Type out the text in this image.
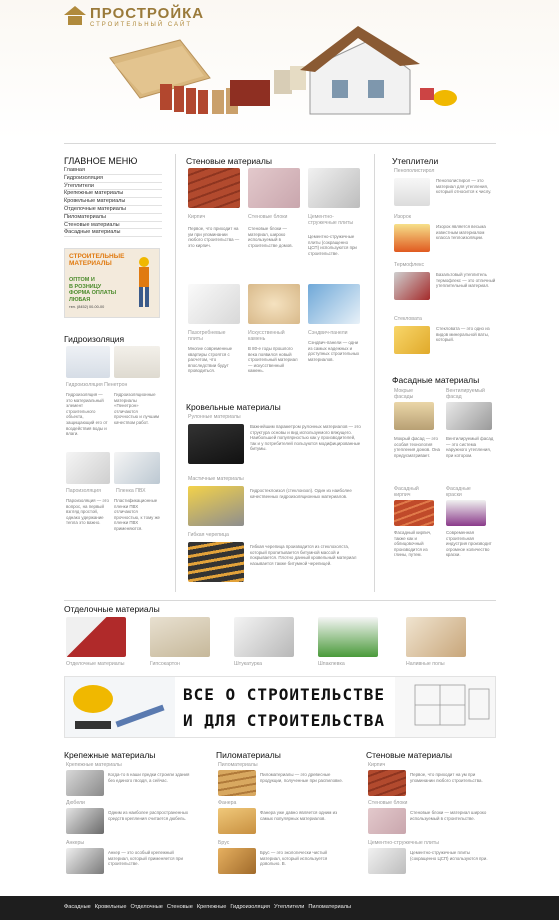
ПРОСТРОЙКА
СТРОИТЕЛЬНЫЙ САЙТ
ГЛАВНОЕ МЕНЮ
Главная
Гидроизоляция
Утеплители
Крепежные материалы
Кровельные материалы
Отделочные материалы
Пиломатериалы
Стеновые материалы
Фасадные материалы
СТРОИТЕЛЬНЫЕ
МАТЕРИАЛЫ
ОПТОМ И
В РОЗНИЦУ
ФОРМА ОПЛАТЫ
ЛЮБАЯ
тел. (8452) 00-00-00
Гидроизоляция
Гидроизоляция Пенетрон
Гидроизоляция — это материальный элемент строительного объекта, защищающий его от воздействия воды и влаги.
Гидроизоляционные материалы «Пенетрон» отличаются прочностью и лучшим качеством работ.
Пароизоляция	Пленка ПВХ
Пароизоляция — это вопрос, на первый взгляд простой, однако удержание тепла это важно.
Пластификационные пленки ПВХ отличаются прочностью, к тому же пленки ПВХ применяются.
Стеновые материалы
Кирпич	Стеновые блоки	Цементно-стружечные плиты
Первое, что приходит на ум при упоминании любого строительства — это кирпич.
Стеновые блоки — материал, широко используемый в строительстве домов.
Цементно-стружечные плиты (сокращенно ЦСП) используются при строительстве.
Пазогребневые плиты
Искусственный камень
Сэндвич-панели
Многие современные квартиры строятся с расчетом, что впоследствии будут проводиться.
В 80-е годы прошлого века появился новый строительный материал — искусственный камень.
Сэндвич-панели — одни из самых надежных и доступных строительных материалов.
Кровельные материалы
Рулонные материалы
Важнейшим параметром рулонных материалов — это структура основы и вид используемого вяжущего. Наибольшей популярностью как у производителей, так и у потребителей пользуются модифицированные битумы.
Мастичные материалы
Гидростеклоизол (стеклоизол). Один из наиболее качественных гидроизоляционных материалов.
Гибкая черепица
Гибкая черепица производится из стеклохолста, который пропитывается битумной массой и покрывается. Плотно данный кровельный материал называется также битумной черепицей.
Утеплители
Пенополистирол
Пенополистирол — это материал для утепления, который относится к числу.
Изорок
Изорок является весьма известным материалом класса теплоизоляции.
Термофлекс
Базальтовый утеплитель термофлекс — это отличный утеплительный материал.
Стекловата
Стекловата — это одно из видов минеральной ваты, который.
Фасадные материалы
Мокрые фасады
Вентилируемый фасад
Мокрый фасад — это особая технология утепления домов. Она предусматривает.
Вентилируемый фасад — это система наружного утепления, при котором.
Фасадный кирпич
Фасадные краски
Фасадный кирпич, также как и облицовочный производится из глины, путем.
Современная строительная индустрия производит огромное количество краски.
Отделочные материалы
Отделочные материалы	Гипсокартон	Штукатурка	Шпаклевка	Наливные полы
ВСЕ О СТРОИТЕЛЬСТВЕ
И ДЛЯ СТРОИТЕЛЬСТВА
Крепежные материалы	Пиломатериалы	Стеновые материалы
Крепежные материалы
Когда-то в наши предки строили здания без единого гвоздя, а сейчас.
Дюбели
Одним из наиболее распространенных средств крепления считается дюбель.
Анкеры
Анкер — это особый крепежный материал, который применяется при строительстве.
Пиломатериалы
Пиломатериалы — это древесные продукции, полученные при распиловке.
Фанера
Фанера уже давно является одним из самых популярных материалов.
Брус
Брус — это экологически чистый материал, который используется довольно. В.
Кирпич
Первое, что приходит на ум при упоминании любого строительства.
Стеновые блоки
Стеновые блоки — материал широко используемый в строительстве.
Цементно-стружечные плиты
Цементно-стружечные плиты (сокращенно ЦСП) используются при.
Фасадные Кровельные Отделочные Стеновые Крепежные Гидроизоляция Утеплители Пиломатериалы
